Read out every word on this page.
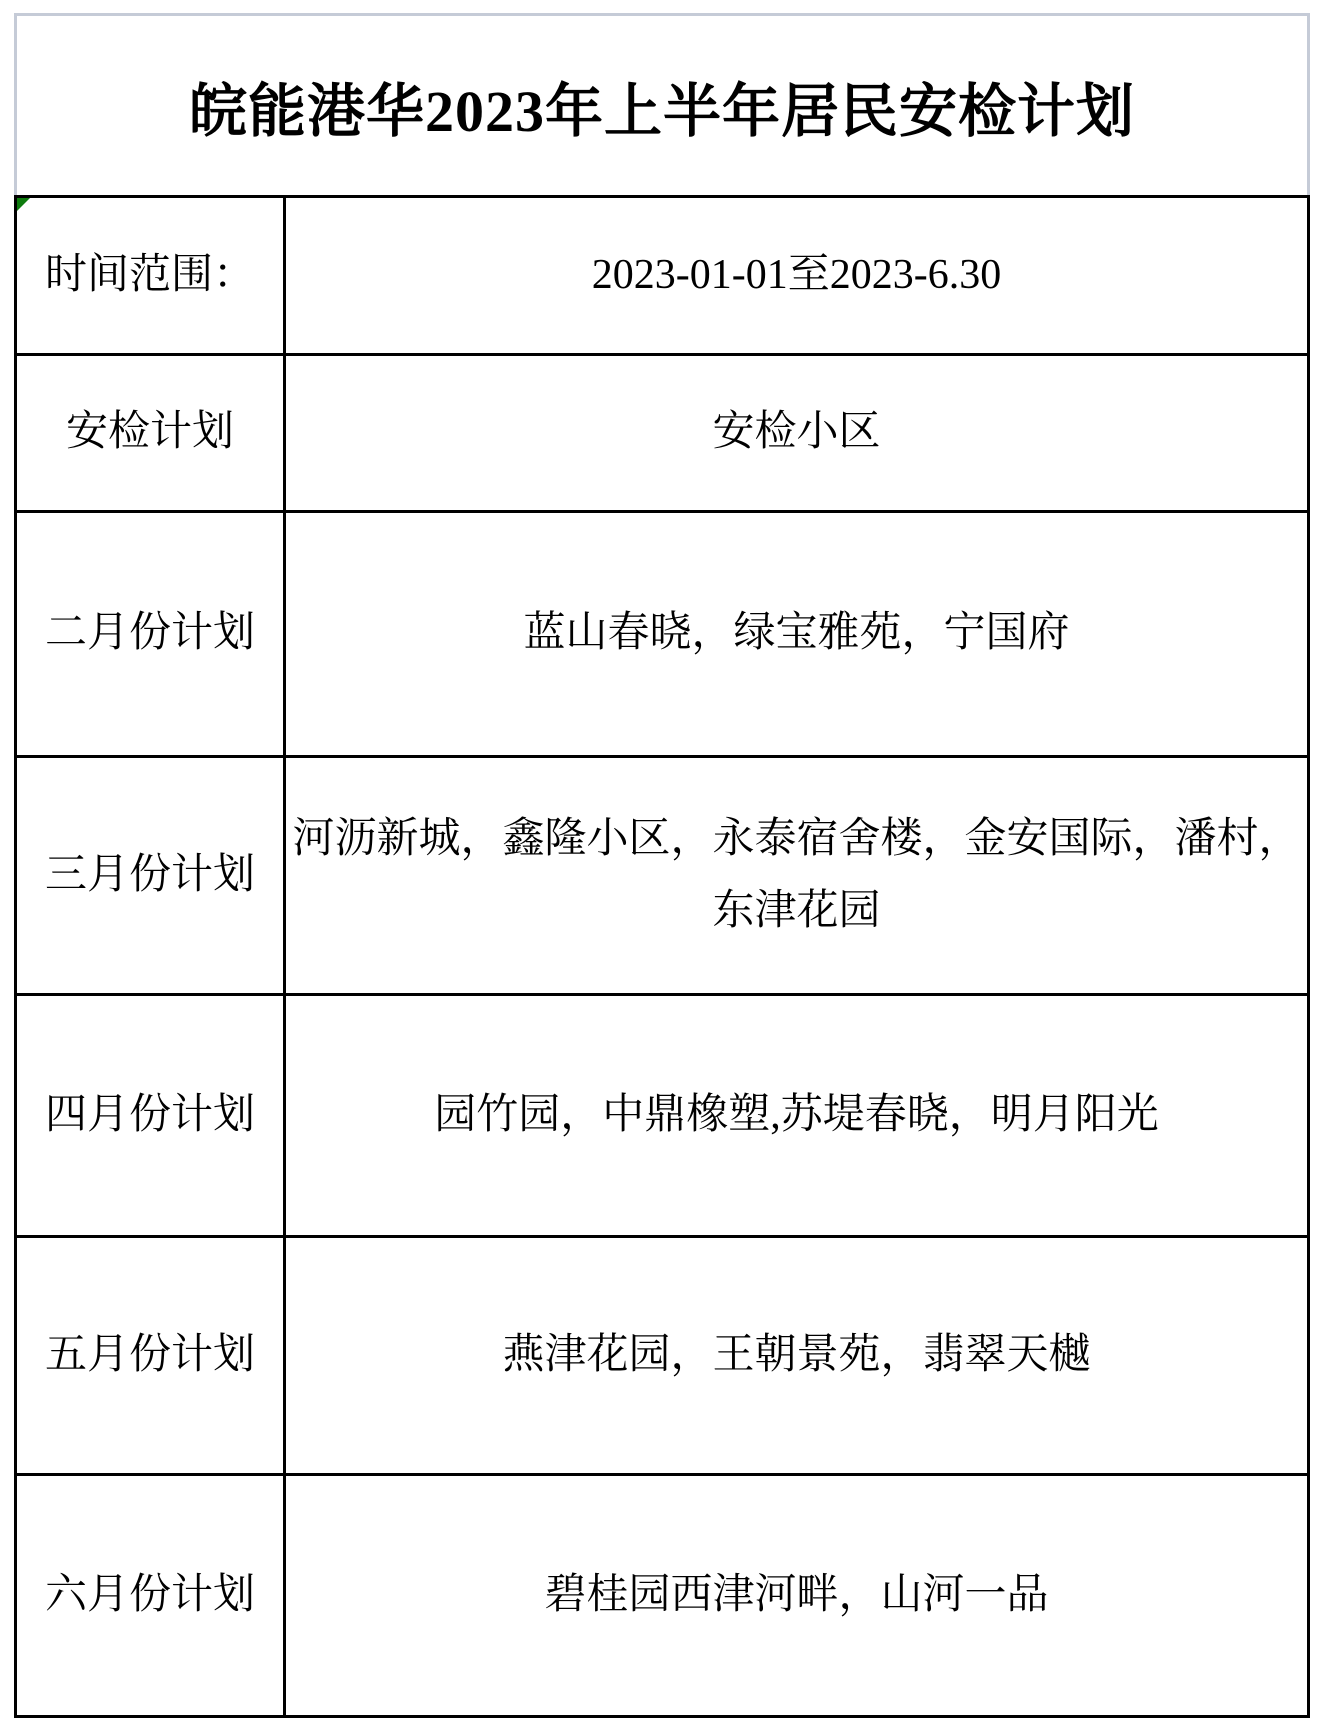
皖能港华2023年上半年居民安检计划
时间范围：	2023-01-01至2023-6.30
安检计划	安检小区
二月份计划	蓝山春晓，绿宝雅苑，宁国府
三月份计划	河沥新城，鑫隆小区，永泰宿舍楼，金安国际，潘村，东津花园
四月份计划	园竹园，中鼎橡塑,苏堤春晓，明月阳光
五月份计划	燕津花园，王朝景苑，翡翠天樾
六月份计划	碧桂园西津河畔，山河一品
